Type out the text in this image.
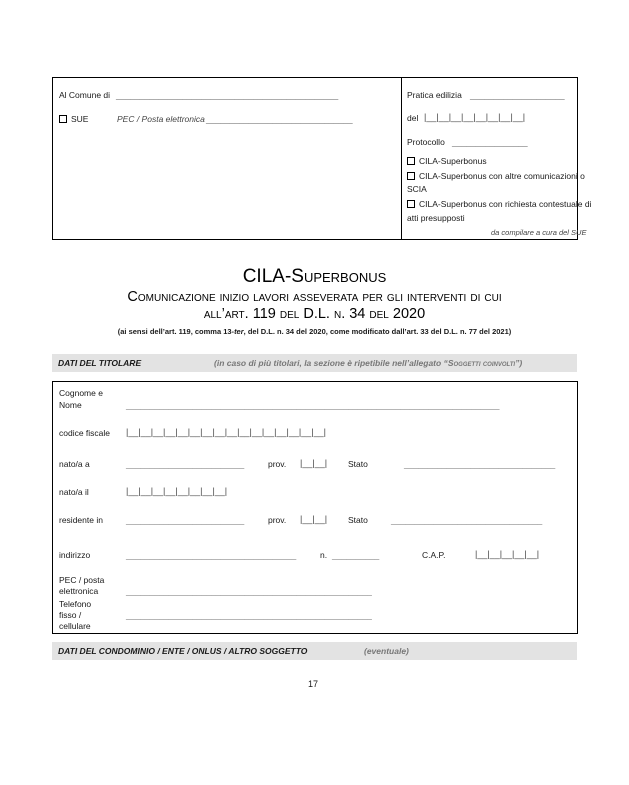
Al Comune di _______________________________________________
SUE	PEC / Posta elettronica _______________________________
Pratica edilizia ____________________
del |__|__|__|__|__|__|__|__|
Protocollo ________________
CILA-Superbonus
CILA-Superbonus con altre comunicazioni o
SCIA
CILA-Superbonus con richiesta contestuale di
atti presupposti
da compilare a cura del SUE
CILA-Superbonus
Comunicazione inizio lavori asseverata per gli interventi di cui
all’art. 119 del D.L. n. 34 del 2020
(ai sensi dell’art. 119, comma 13-ter, del D.L. n. 34 del 2020, come modificato dall’art. 33 del D.L. n. 77 del 2021)
DATI DEL TITOLARE	(in caso di più titolari, la sezione è ripetibile nell’allegato “Soggetti coinvolti”)
Cognome e
Nome	_______________________________________________________________________________
codice fiscale |__|__|__|__|__|__|__|__|__|__|__|__|__|__|__|__|
nato/a a	_________________________	prov. |__|__| Stato	________________________________
nato/a il	|__|__|__|__|__|__|__|__|
residente in	_________________________	prov. |__|__| Stato	________________________________
indirizzo	____________________________________	n. __________	C.A.P.	|__|__|__|__|__|
PEC / posta
elettronica	____________________________________________________
Telefono
fisso /
cellulare
____________________________________________________
DATI DEL CONDOMINIO / ENTE / ONLUS / ALTRO SOGGETTO	(eventuale)
17
